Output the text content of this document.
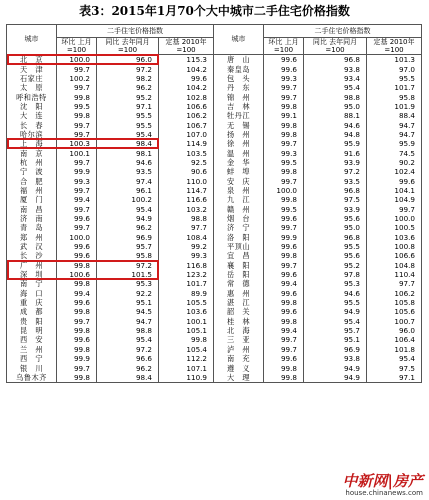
表3：2015年1月70个大中城市二手住宅价格指数
城市	二手住宅价格指数			城市	二手住宅价格指数		
	环比 上月=100	同比 去年同月=100	定基 2010年=100		环比 上月=100	同比 去年同月=100	定基 2010年=100
北　京	100.0	96.0	115.3	唐　山	99.6	96.8	101.3
天　津	99.7	97.2	104.2	秦皇岛	99.6	93.8	97.0
石家庄	100.2	98.2	99.6	包　头	99.3	93.4	95.5
太　原	99.7	96.2	104.2	丹　东	99.7	95.4	101.7
呼和浩特	99.8	95.2	102.8	锦　州	99.7	98.8	95.8
沈　阳	99.5	97.1	106.6	吉　林	99.8	95.0	101.9
大　连	99.8	95.5	106.2	牡丹江	99.1	88.1	88.4
长　春	99.7	95.5	106.7	无　锡	99.8	94.6	94.7
哈尔滨	99.7	95.4	107.0	扬　州	99.8	94.8	94.7
上　海	100.3	98.4	114.9	徐　州	99.7	95.9	95.9
南　京	100.1	98.1	103.5	温　州	99.3	91.6	74.5
杭　州	99.7	94.6	92.5	金　华	99.5	93.9	90.2
宁　波	99.9	93.5	90.6	蚌　埠	99.8	97.2	102.4
合　肥	99.3	97.4	110.0	安　庆	99.7	93.5	99.6
福　州	99.7	96.1	114.7	泉　州	100.0	96.8	104.1
厦　门	99.4	100.2	116.6	九　江	99.8	97.5	104.9
南　昌	99.7	95.4	103.2	赣　州	99.5	93.9	99.7
济　南	99.6	94.9	98.8	烟　台	99.6	95.6	100.0
青　岛	99.7	96.2	97.7	济　宁	99.7	95.0	100.5
郑　州	100.0	96.9	108.4	洛　阳	99.9	96.8	103.6
武　汉	99.6	95.7	99.2	平顶山	99.6	95.5	100.8
长　沙	99.6	95.8	99.3	宜　昌	99.8	95.6	106.6
广　州	99.8	97.2	116.8	襄　阳	99.7	95.2	104.8
深　圳	100.6	101.5	123.2	岳　阳	99.6	97.8	110.4
南　宁	99.8	95.3	101.7	常　德	99.4	95.3	97.7
海　口	99.4	92.2	89.9	惠　州	99.6	94.6	106.2
重　庆	99.6	95.1	105.5	湛　江	99.8	95.5	105.8
成　都	99.8	94.5	103.6	韶　关	99.6	94.9	105.6
贵　阳	99.7	94.7	100.1	桂　林	99.8	95.4	100.7
昆　明	99.8	98.8	105.1	北　海	99.4	95.7	96.0
西　安	99.6	95.4	99.8	三　亚	99.7	95.1	106.4
兰　州	99.8	97.2	105.4	泸　州	99.7	96.9	101.8
西　宁	99.9	96.6	112.2	南　充	99.6	93.8	95.4
银　川	99.7	96.2	107.1	遵　义	99.8	94.9	97.5
乌鲁木齐	99.8	98.4	110.9	大　理	99.8	94.9	97.1
中新网|房产
house.chinanews.com
